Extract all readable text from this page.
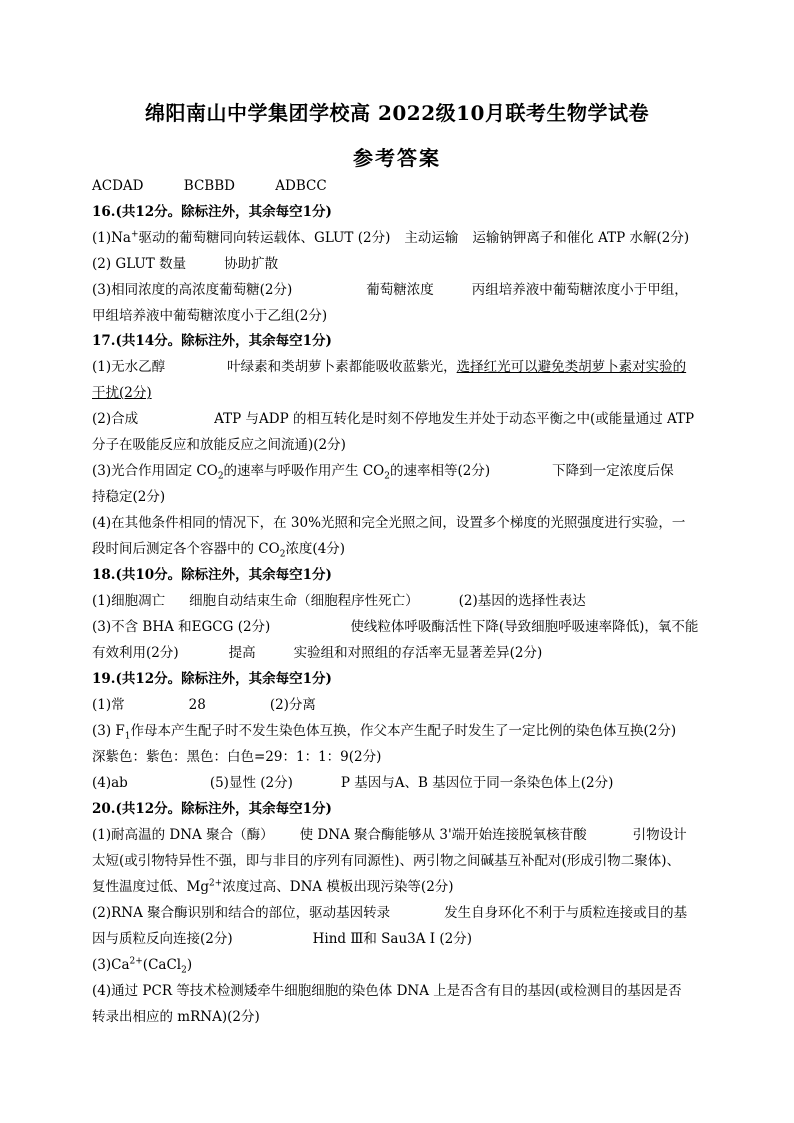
绵阳南山中学集团学校高 2022级10月联考生物学试卷
参考答案
ACDAD	BCBBD	ADBCC
16.(共12分。除标注外，其余每空1分)
(1)Na+驱动的葡萄糖同向转运载体、GLUT (2分) 主动运输 运输钠钾离子和催化 ATP 水解(2分)
(2) GLUT 数量	协助扩散
(3)相同浓度的高浓度葡萄糖(2分)	葡萄糖浓度	丙组培养液中葡萄糖浓度小于甲组，
甲组培养液中葡萄糖浓度小于乙组(2分)
17.(共14分。除标注外，其余每空1分)
(1)无水乙醇	叶绿素和类胡萝卜素都能吸收蓝紫光，选择红光可以避免类胡萝卜素对实验的
干扰(2分)
(2)合成	ATP 与ADP 的相互转化是时刻不停地发生并处于动态平衡之中(或能量通过 ATP
分子在吸能反应和放能反应之间流通)(2分)
(3)光合作用固定 $CO_2$的速率与呼吸作用产生 $CO_2$的速率相等(2分)	下降到一定浓度后保
持稳定(2分)
(4)在其他条件相同的情况下，在 30%光照和完全光照之间，设置多个梯度的光照强度进行实验，一
段时间后测定各个容器中的 $CO_2$浓度(4分)
18.(共10分。除标注外，其余每空1分)
(1)细胞凋亡 细胞自动结束生命（细胞程序性死亡）	(2)基因的选择性表达
(3)不含 BHA 和EGCG (2分)	使线粒体呼吸酶活性下降(导致细胞呼吸速率降低)，氧不能
有效利用(2分)	提高	实验组和对照组的存活率无显著差异(2分)
19.(共12分。除标注外，其余每空1分)
(1)常	28	(2)分离
(3) $F_1$作母本产生配子时不发生染色体互换，作父本产生配子时发生了一定比例的染色体互换(2分)
深紫色：紫色：黑色：白色=29：1：1：9(2分)
(4)ab	(5)显性 (2分)	P 基因与A、B 基因位于同一条染色体上(2分)
20.(共12分。除标注外，其余每空1分)
(1)耐高温的 DNA 聚合（酶） 使 DNA 聚合酶能够从 3'端开始连接脱氧核苷酸	引物设计
太短(或引物特异性不强，即与非目的序列有同源性)、两引物之间碱基互补配对(形成引物二聚体)、
复性温度过低、$Mg^{2+}$浓度过高、DNA 模板出现污染等(2分)
(2)RNA 聚合酶识别和结合的部位，驱动基因转录	发生自身环化不利于与质粒连接或目的基
因与质粒反向连接(2分)	Hind Ⅲ和 Sau3A Ⅰ (2分)
$(3)Ca^{2+}(CaCl_2)$
(4)通过 PCR 等技术检测矮牵牛细胞细胞的染色体 DNA 上是否含有目的基因(或检测目的基因是否
转录出相应的 mRNA)(2分)
